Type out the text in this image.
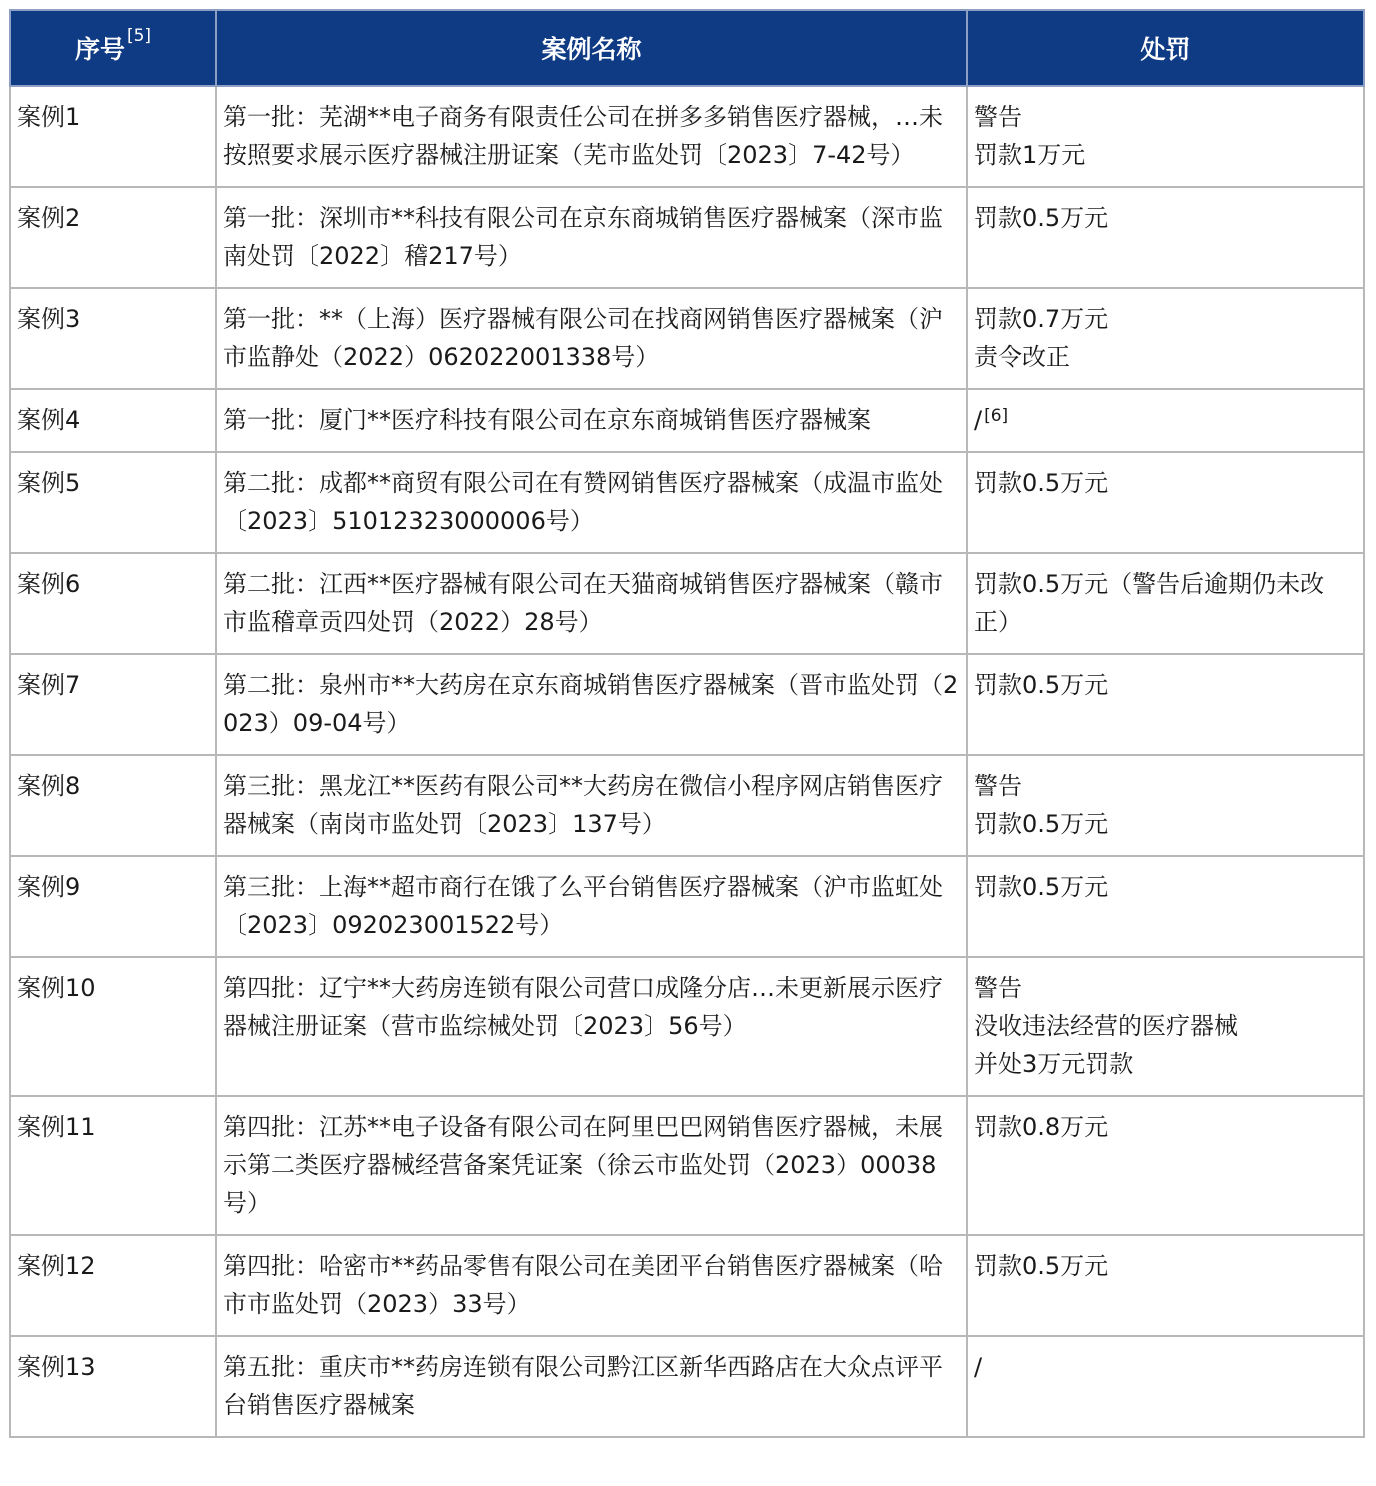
序号 [5]	案例名称	处罚
案例1	第一批：芜湖**电子商务有限责任公司在拼多多销售医疗器械，…未按照要求展示医疗器械注册证案（芜市监处罚〔2023〕7-42号）	警告
罚款1万元

案例2	第一批：深圳市**科技有限公司在京东商城销售医疗器械案（深市监南处罚〔2022〕稽217号）	罚款0.5万元

案例3	第一批：**（上海）医疗器械有限公司在找商网销售医疗器械案（沪市监静处（2022）062022001338号）	罚款0.7万元
责令改正

案例4	第一批：厦门**医疗科技有限公司在京东商城销售医疗器械案	/ [6]

案例5	第二批：成都**商贸有限公司在有赞网销售医疗器械案（成温市监处〔2023〕51012323000006号）	罚款0.5万元

案例6	第二批：江西**医疗器械有限公司在天猫商城销售医疗器械案（赣市市监稽章贡四处罚（2022）28号）	罚款0.5万元（警告后逾期仍未改正）

案例7	第二批：泉州市**大药房在京东商城销售医疗器械案（晋市监处罚（2023）09-04号）	罚款0.5万元

案例8	第三批：黑龙江**医药有限公司**大药房在微信小程序网店销售医疗器械案（南岗市监处罚〔2023〕137号）	警告
罚款0.5万元

案例9	第三批：上海**超市商行在饿了么平台销售医疗器械案（沪市监虹处〔2023〕092023001522号）	罚款0.5万元

案例10	第四批：辽宁**大药房连锁有限公司营口成隆分店…未更新展示医疗器械注册证案（营市监综械处罚〔2023〕56号）	警告
没收违法经营的医疗器械
并处3万元罚款

案例11	第四批：江苏**电子设备有限公司在阿里巴巴网销售医疗器械，未展示第二类医疗器械经营备案凭证案（徐云市监处罚（2023）00038号）	罚款0.8万元

案例12	第四批：哈密市**药品零售有限公司在美团平台销售医疗器械案（哈市市监处罚（2023）33号）	罚款0.5万元

案例13	第五批：重庆市**药房连锁有限公司黔江区新华西路店在大众点评平台销售医疗器械案	/
